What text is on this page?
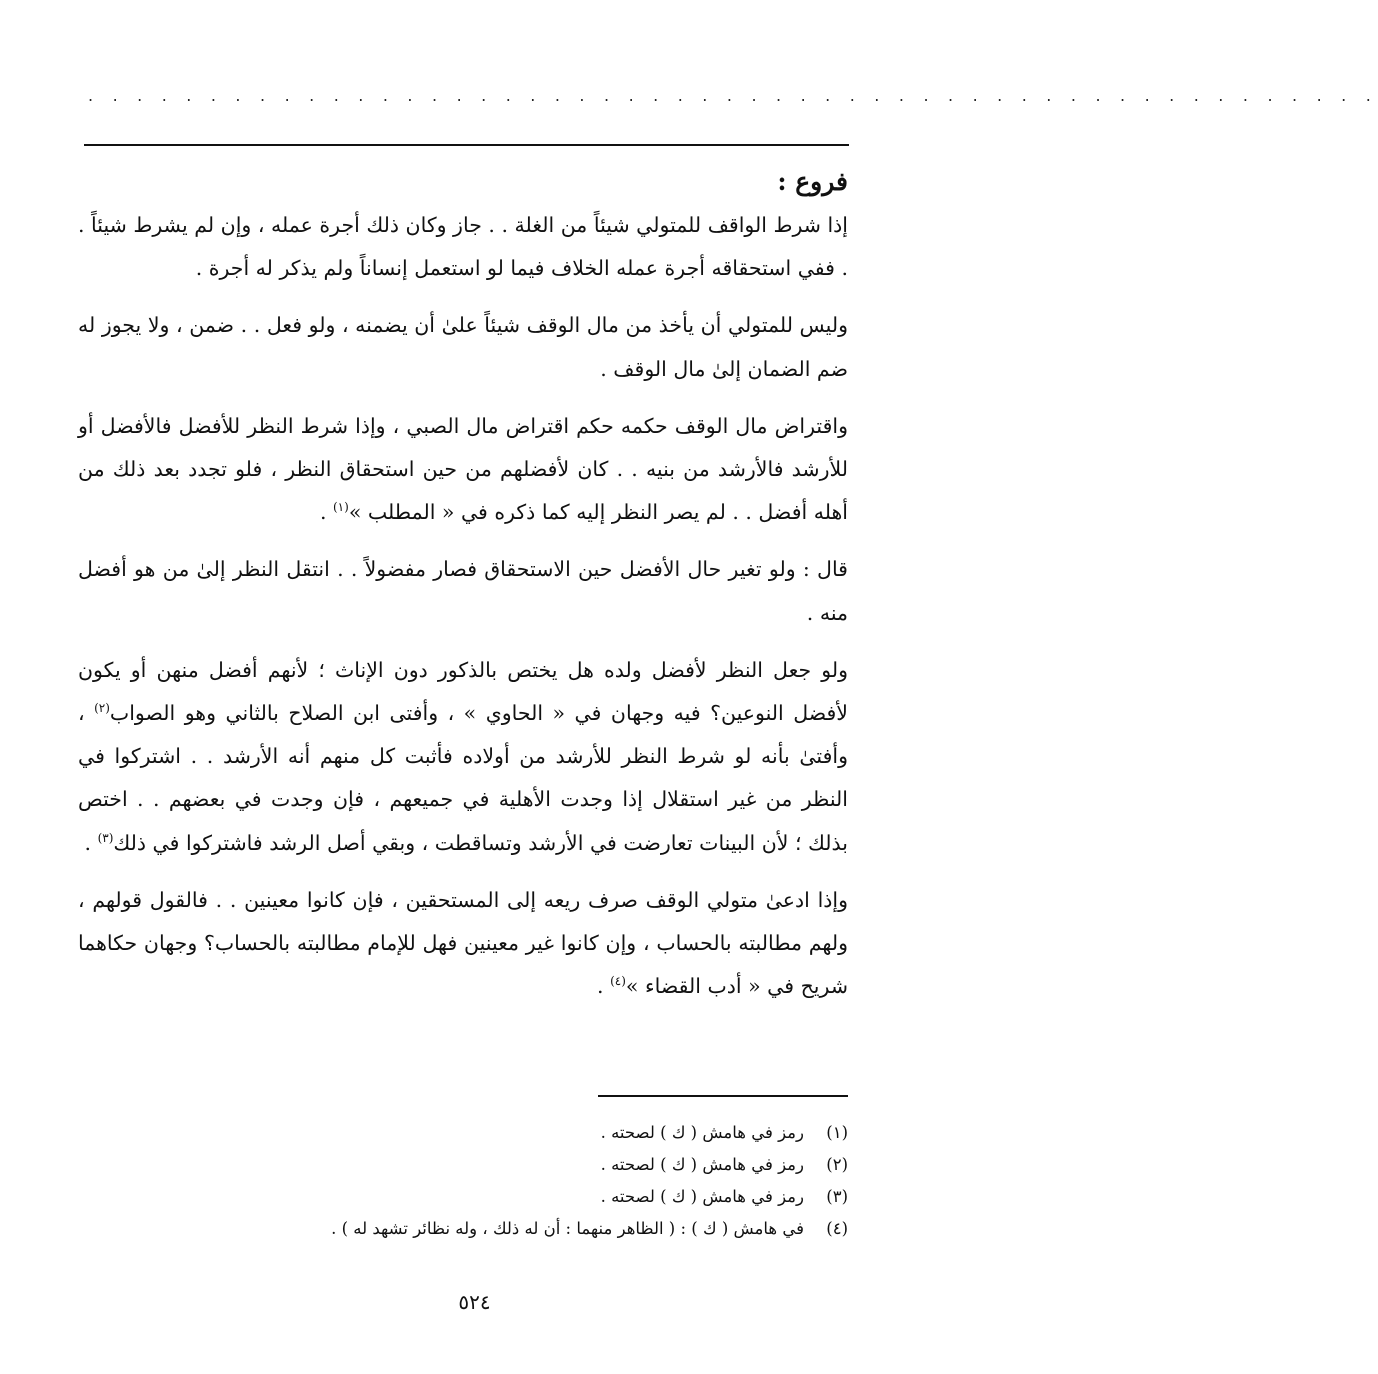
. . . . . . . . . . . . . . . . . . . . . . . . . . . . . . . . . . . . . . . . . . . . . . . . . . . . .
فروع :

إذا شرط الواقف للمتولي شيئاً من الغلة . . جاز وكان ذلك أجرة عمله ، وإن لم يشرط شيئاً . . ففي استحقاقه أجرة عمله الخلاف فيما لو استعمل إنساناً ولم يذكر له أجرة .

وليس للمتولي أن يأخذ من مال الوقف شيئاً علىٰ أن يضمنه ، ولو فعل . . ضمن ، ولا يجوز له ضم الضمان إلىٰ مال الوقف .

واقتراض مال الوقف حكمه حكم اقتراض مال الصبي ، وإذا شرط النظر للأفضل فالأفضل أو للأرشد فالأرشد من بنيه . . كان لأفضلهم من حين استحقاق النظر ، فلو تجدد بعد ذلك من أهله أفضل . . لم يصر النظر إليه كما ذكره في « المطلب »$^{(١)}$ .

قال : ولو تغير حال الأفضل حين الاستحقاق فصار مفضولاً . . انتقل النظر إلىٰ من هو أفضل منه .

ولو جعل النظر لأفضل ولده هل يختص بالذكور دون الإناث ؛ لأنهم أفضل منهن أو يكون لأفضل النوعين؟ فيه وجهان في « الحاوي » ، وأفتى ابن الصلاح بالثاني وهو الصواب$^{(٢)}$ ، وأفتىٰ بأنه لو شرط النظر للأرشد من أولاده فأثبت كل منهم أنه الأرشد . . اشتركوا في النظر من غير استقلال إذا وجدت الأهلية في جميعهم ، فإن وجدت في بعضهم . . اختص بذلك ؛ لأن البينات تعارضت في الأرشد وتساقطت ، وبقي أصل الرشد فاشتركوا في ذلك$^{(٣)}$ .

وإذا ادعىٰ متولي الوقف صرف ريعه إلى المستحقين ، فإن كانوا معينين . . فالقول قولهم ، ولهم مطالبته بالحساب ، وإن كانوا غير معينين فهل للإمام مطالبته بالحساب؟ وجهان حكاهما شريح في « أدب القضاء »$^{(٤)}$ .

(١)رمز في هامش ( ك ) لصحته .
(٢)رمز في هامش ( ك ) لصحته .
(٣)رمز في هامش ( ك ) لصحته .
(٤)في هامش ( ك ) : ( الظاهر منهما : أن له ذلك ، وله نظائر تشهد له ) .
٥٢٤
